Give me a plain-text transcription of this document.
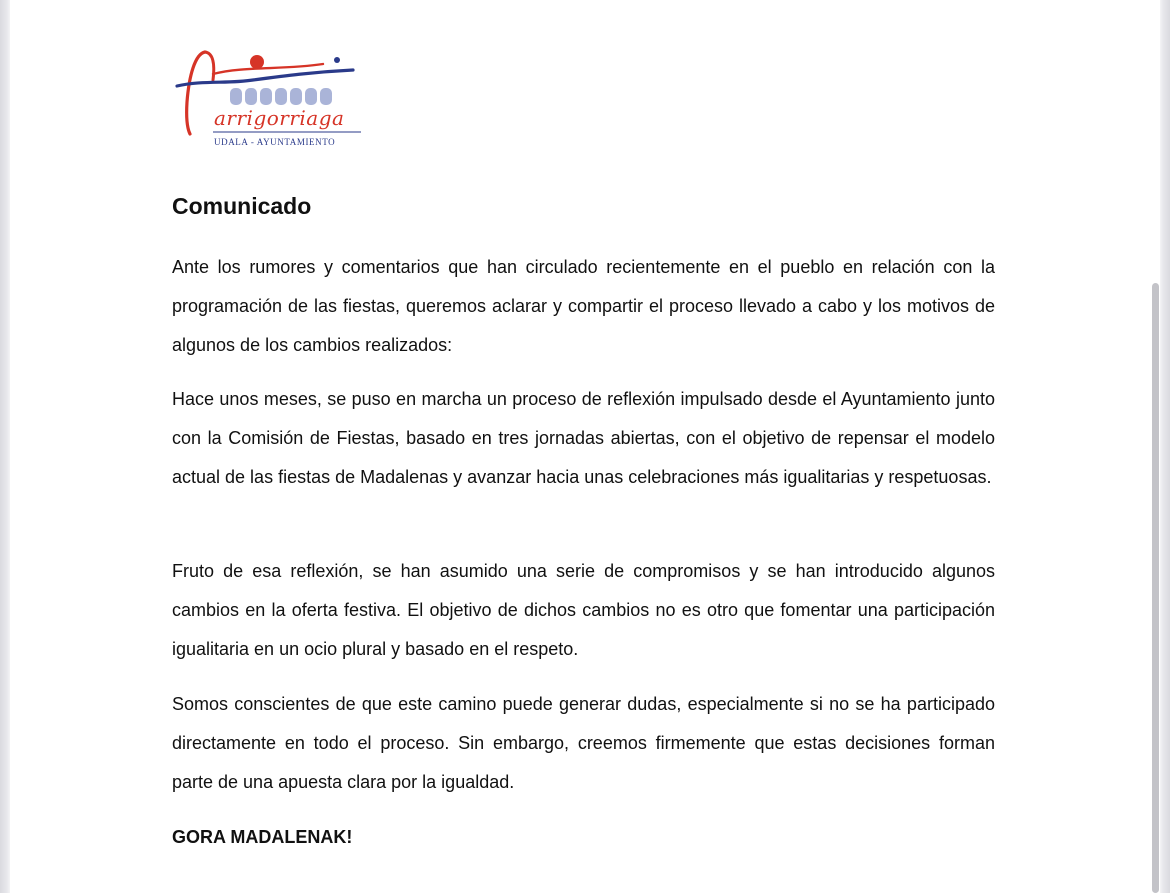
arrigorriaga
UDALA - AYUNTAMIENTO
Comunicado

Ante los rumores y comentarios que han circulado recientemente en el pueblo en relación con la programación de las fiestas, queremos aclarar y compartir el proceso llevado a cabo y los motivos de algunos de los cambios realizados:

Hace unos meses, se puso en marcha un proceso de reflexión impulsado desde el Ayuntamiento junto con la Comisión de Fiestas, basado en tres jornadas abiertas, con el objetivo de repensar el modelo actual de las fiestas de Madalenas y avanzar hacia unas celebraciones más igualitarias y respetuosas.

Fruto de esa reflexión, se han asumido una serie de compromisos y se han introducido algunos cambios en la oferta festiva. El objetivo de dichos cambios no es otro que fomentar una participación igualitaria en un ocio plural y basado en el respeto.

Somos conscientes de que este camino puede generar dudas, especialmente si no se ha participado directamente en todo el proceso. Sin embargo, creemos firmemente que estas decisiones forman parte de una apuesta clara por la igualdad.

GORA MADALENAK!
